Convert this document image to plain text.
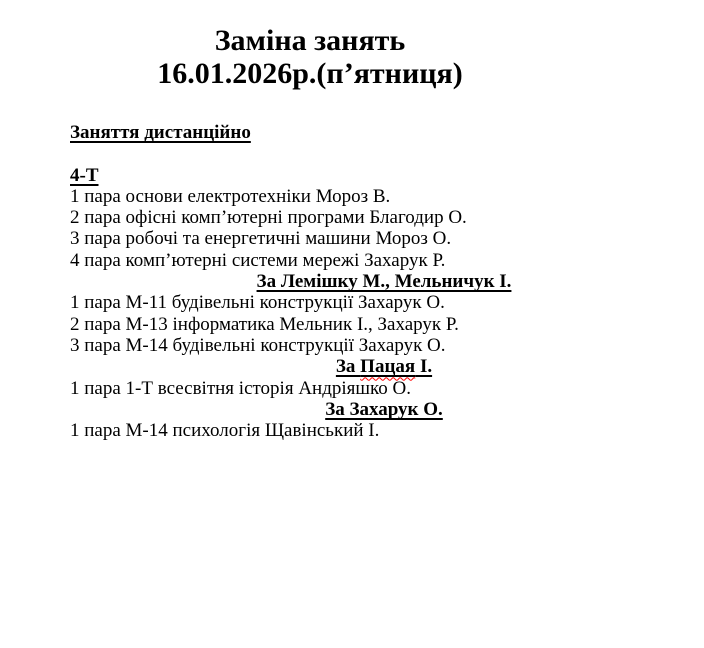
Заміна занять
16.01.2026р.(п’ятниця)
Заняття дистанційно
4-Т
1 пара основи електротехніки Мороз В.
2 пара офісні комп’ютерні програми Благодир О.
3 пара робочі та енергетичні машини Мороз О.
4 пара комп’ютерні системи мережі Захарук Р.
За Лемішку М., Мельничук І.
1 пара М-11 будівельні конструкції Захарук О.
2 пара М-13 інформатика Мельник І., Захарук Р.
3 пара М-14 будівельні конструкції Захарук О.
За Пацая І.
1 пара 1-Т всесвітня історія Андріяшко О.
За Захарук О.
1 пара М-14 психологія Щавінський І.
